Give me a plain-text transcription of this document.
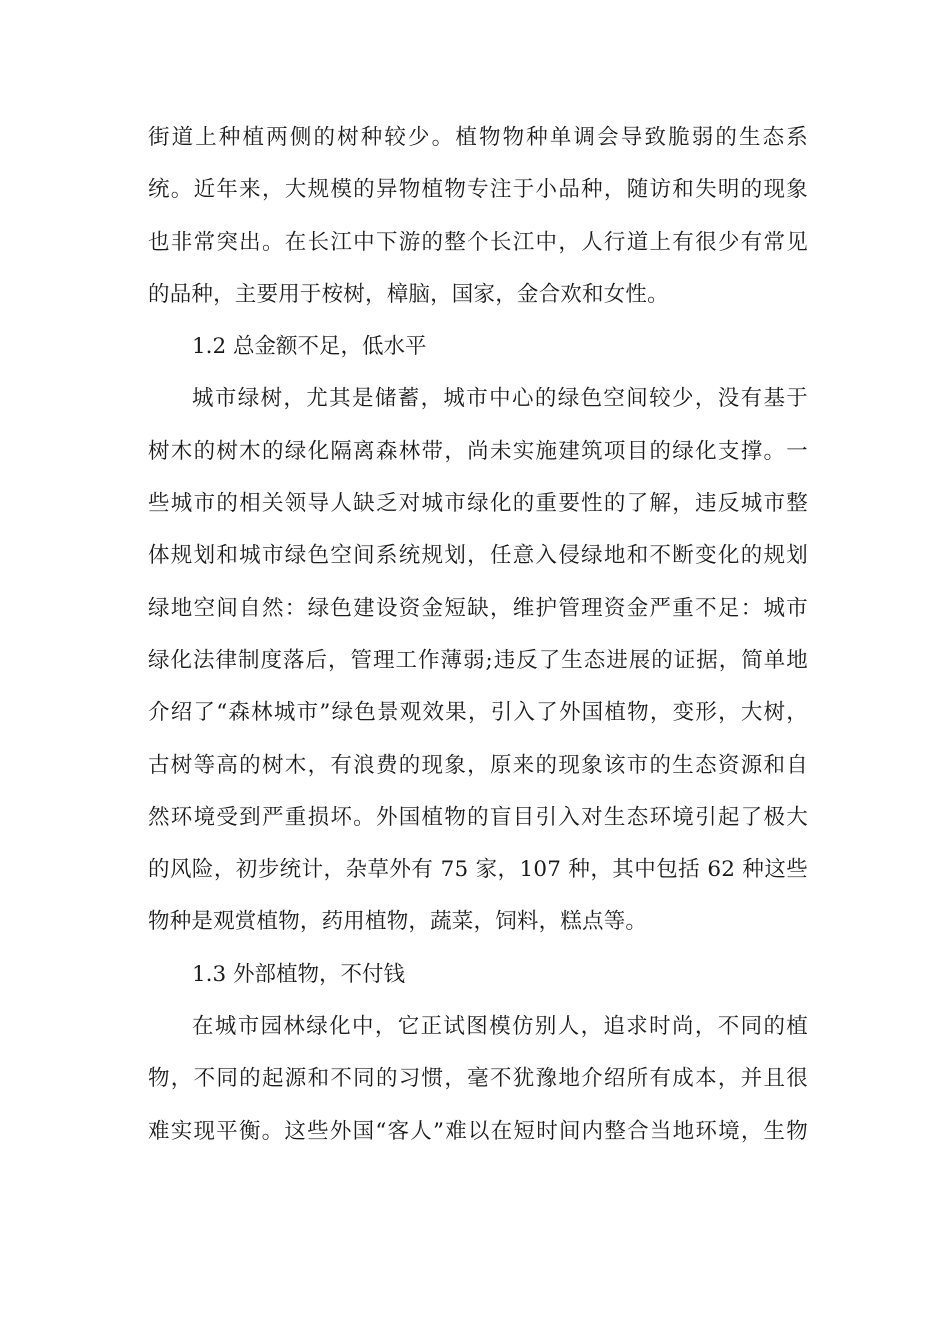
街道上种植两侧的树种较少。植物物种单调会导致脆弱的生态系
统。近年来，大规模的异物植物专注于小品种，随访和失明的现象
也非常突出。在长江中下游的整个长江中，人行道上有很少有常见
的品种，主要用于桉树，樟脑，国家，金合欢和女性。
1.2 总金额不足，低水平
城市绿树，尤其是储蓄，城市中心的绿色空间较少，没有基于
树木的树木的绿化隔离森林带，尚未实施建筑项目的绿化支撑。一
些城市的相关领导人缺乏对城市绿化的重要性的了解，违反城市整
体规划和城市绿色空间系统规划，任意入侵绿地和不断变化的规划
绿地空间自然：绿色建设资金短缺，维护管理资金严重不足：城市
绿化法律制度落后，管理工作薄弱;违反了生态进展的证据，简单地
介绍了“森林城市”绿色景观效果，引入了外国植物，变形，大树，
古树等高的树木，有浪费的现象，原来的现象该市的生态资源和自
然环境受到严重损坏。外国植物的盲目引入对生态环境引起了极大
的风险，初步统计，杂草外有 75 家，107 种，其中包括 62 种这些
物种是观赏植物，药用植物，蔬菜，饲料，糕点等。
1.3 外部植物，不付钱
在城市园林绿化中，它正试图模仿别人，追求时尚，不同的植
物，不同的起源和不同的习惯，毫不犹豫地介绍所有成本，并且很
难实现平衡。这些外国“客人”难以在短时间内整合当地环境，生物
